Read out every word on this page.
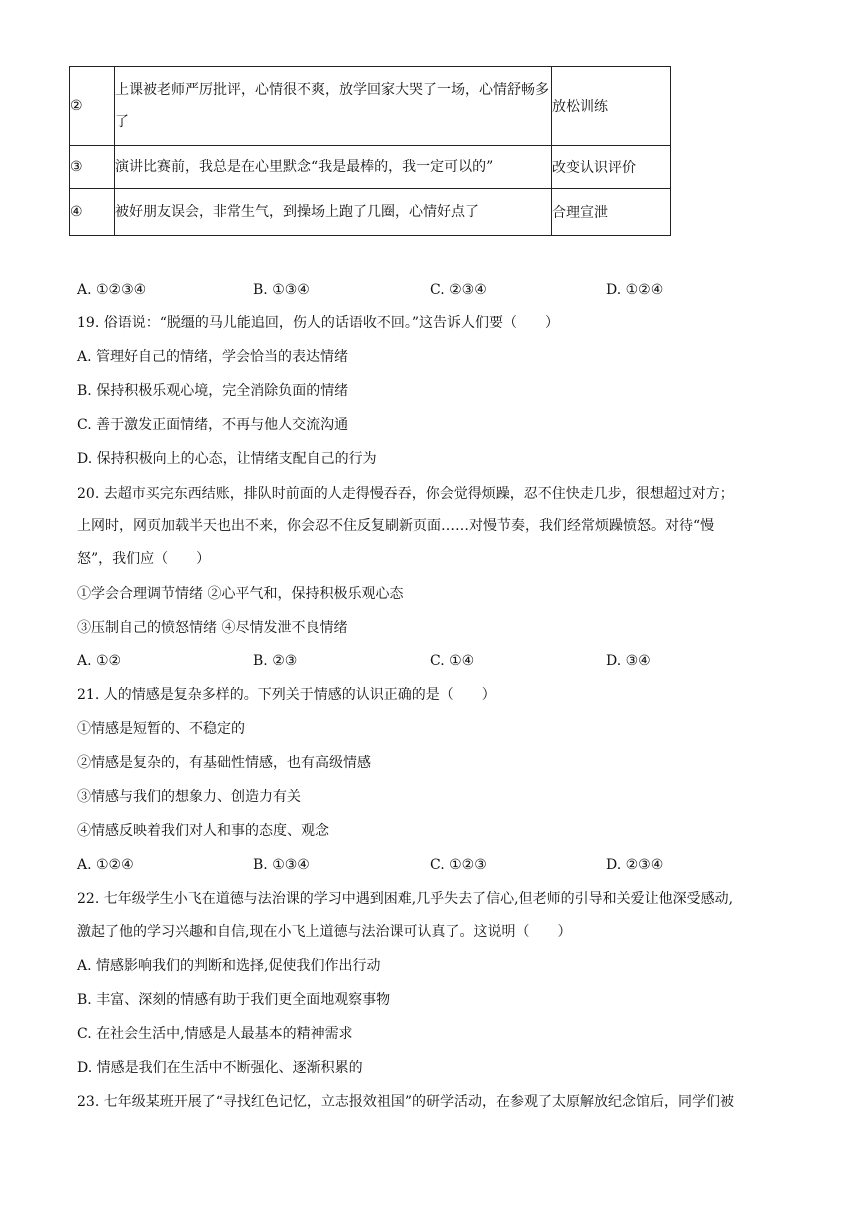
②	上课被老师严厉批评，心情很不爽，放学回家大哭了一场，心情舒畅多了	放松训练
③	演讲比赛前，我总是在心里默念“我是最棒的，我一定可以的”	改变认识评价
④	被好朋友误会，非常生气，到操场上跑了几圈，心情好点了	合理宣泄
A. ①②③④	B. ①③④	C. ②③④	D. ①②④
19. 俗语说：“脱缰的马儿能追回，伤人的话语收不回。”这告诉人们要（　　）
A. 管理好自己的情绪，学会恰当的表达情绪
B. 保持积极乐观心境，完全消除负面的情绪
C. 善于激发正面情绪，不再与他人交流沟通
D. 保持积极向上的心态，让情绪支配自己的行为
20. 去超市买完东西结账，排队时前面的人走得慢吞吞，你会觉得烦躁，忍不住快走几步，很想超过对方；
上网时，网页加载半天也出不来，你会忍不住反复刷新页面……对慢节奏，我们经常烦躁愤怒。对待“慢
怒”，我们应（　　）
①学会合理调节情绪 ②心平气和，保持积极乐观心态
③压制自己的愤怒情绪 ④尽情发泄不良情绪
A. ①②	B. ②③	C. ①④	D. ③④
21. 人的情感是复杂多样的。下列关于情感的认识正确的是（　　）
①情感是短暂的、不稳定的
②情感是复杂的，有基础性情感，也有高级情感
③情感与我们的想象力、创造力有关
④情感反映着我们对人和事的态度、观念
A. ①②④	B. ①③④	C. ①②③	D. ②③④
22. 七年级学生小飞在道德与法治课的学习中遇到困难,几乎失去了信心,但老师的引导和关爱让他深受感动,
激起了他的学习兴趣和自信,现在小飞上道德与法治课可认真了。这说明（　　）
A. 情感影响我们的判断和选择,促使我们作出行动
B. 丰富、深刻的情感有助于我们更全面地观察事物
C. 在社会生活中,情感是人最基本的精神需求
D. 情感是我们在生活中不断强化、逐渐积累的
23. 七年级某班开展了“寻找红色记忆，立志报效祖国”的研学活动，在参观了太原解放纪念馆后，同学们被
